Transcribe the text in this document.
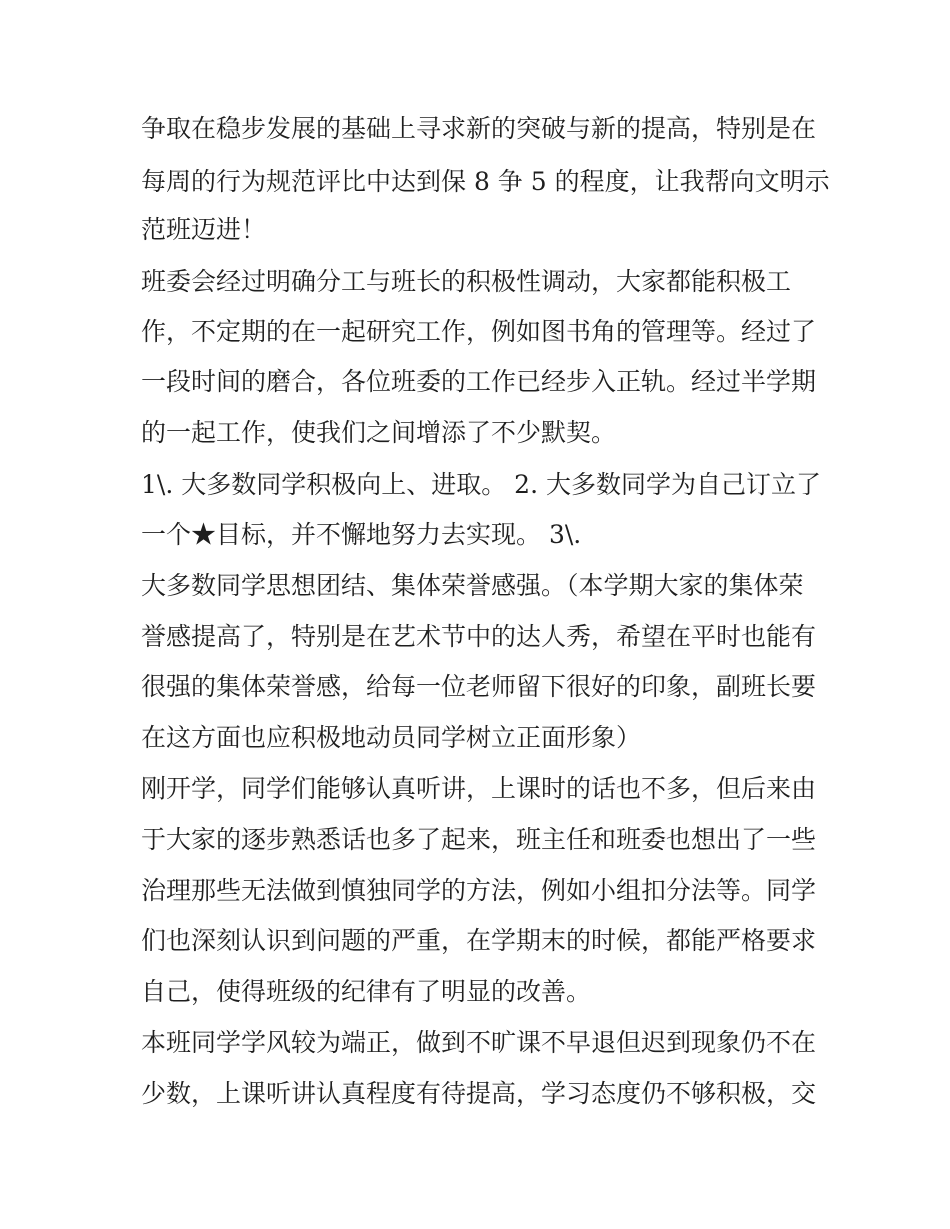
争取在稳步发展的基础上寻求新的突破与新的提高，特别是在
每周的行为规范评比中达到保 8 争 5 的程度，让我帮向文明示
范班迈进！
班委会经过明确分工与班长的积极性调动，大家都能积极工
作，不定期的在一起研究工作，例如图书角的管理等。经过了
一段时间的磨合，各位班委的工作已经步入正轨。经过半学期
的一起工作，使我们之间增添了不少默契。
1\. 大多数同学积极向上、进取。 2. 大多数同学为自己订立了
一个★目标，并不懈地努力去实现。 3\.
大多数同学思想团结、集体荣誉感强。（本学期大家的集体荣
誉感提高了，特别是在艺术节中的达人秀，希望在平时也能有
很强的集体荣誉感，给每一位老师留下很好的印象，副班长要
在这方面也应积极地动员同学树立正面形象）
刚开学，同学们能够认真听讲，上课时的话也不多，但后来由
于大家的逐步熟悉话也多了起来，班主任和班委也想出了一些
治理那些无法做到慎独同学的方法，例如小组扣分法等。同学
们也深刻认识到问题的严重，在学期末的时候，都能严格要求
自己，使得班级的纪律有了明显的改善。
本班同学学风较为端正，做到不旷课不早退但迟到现象仍不在
少数，上课听讲认真程度有待提高，学习态度仍不够积极，交
